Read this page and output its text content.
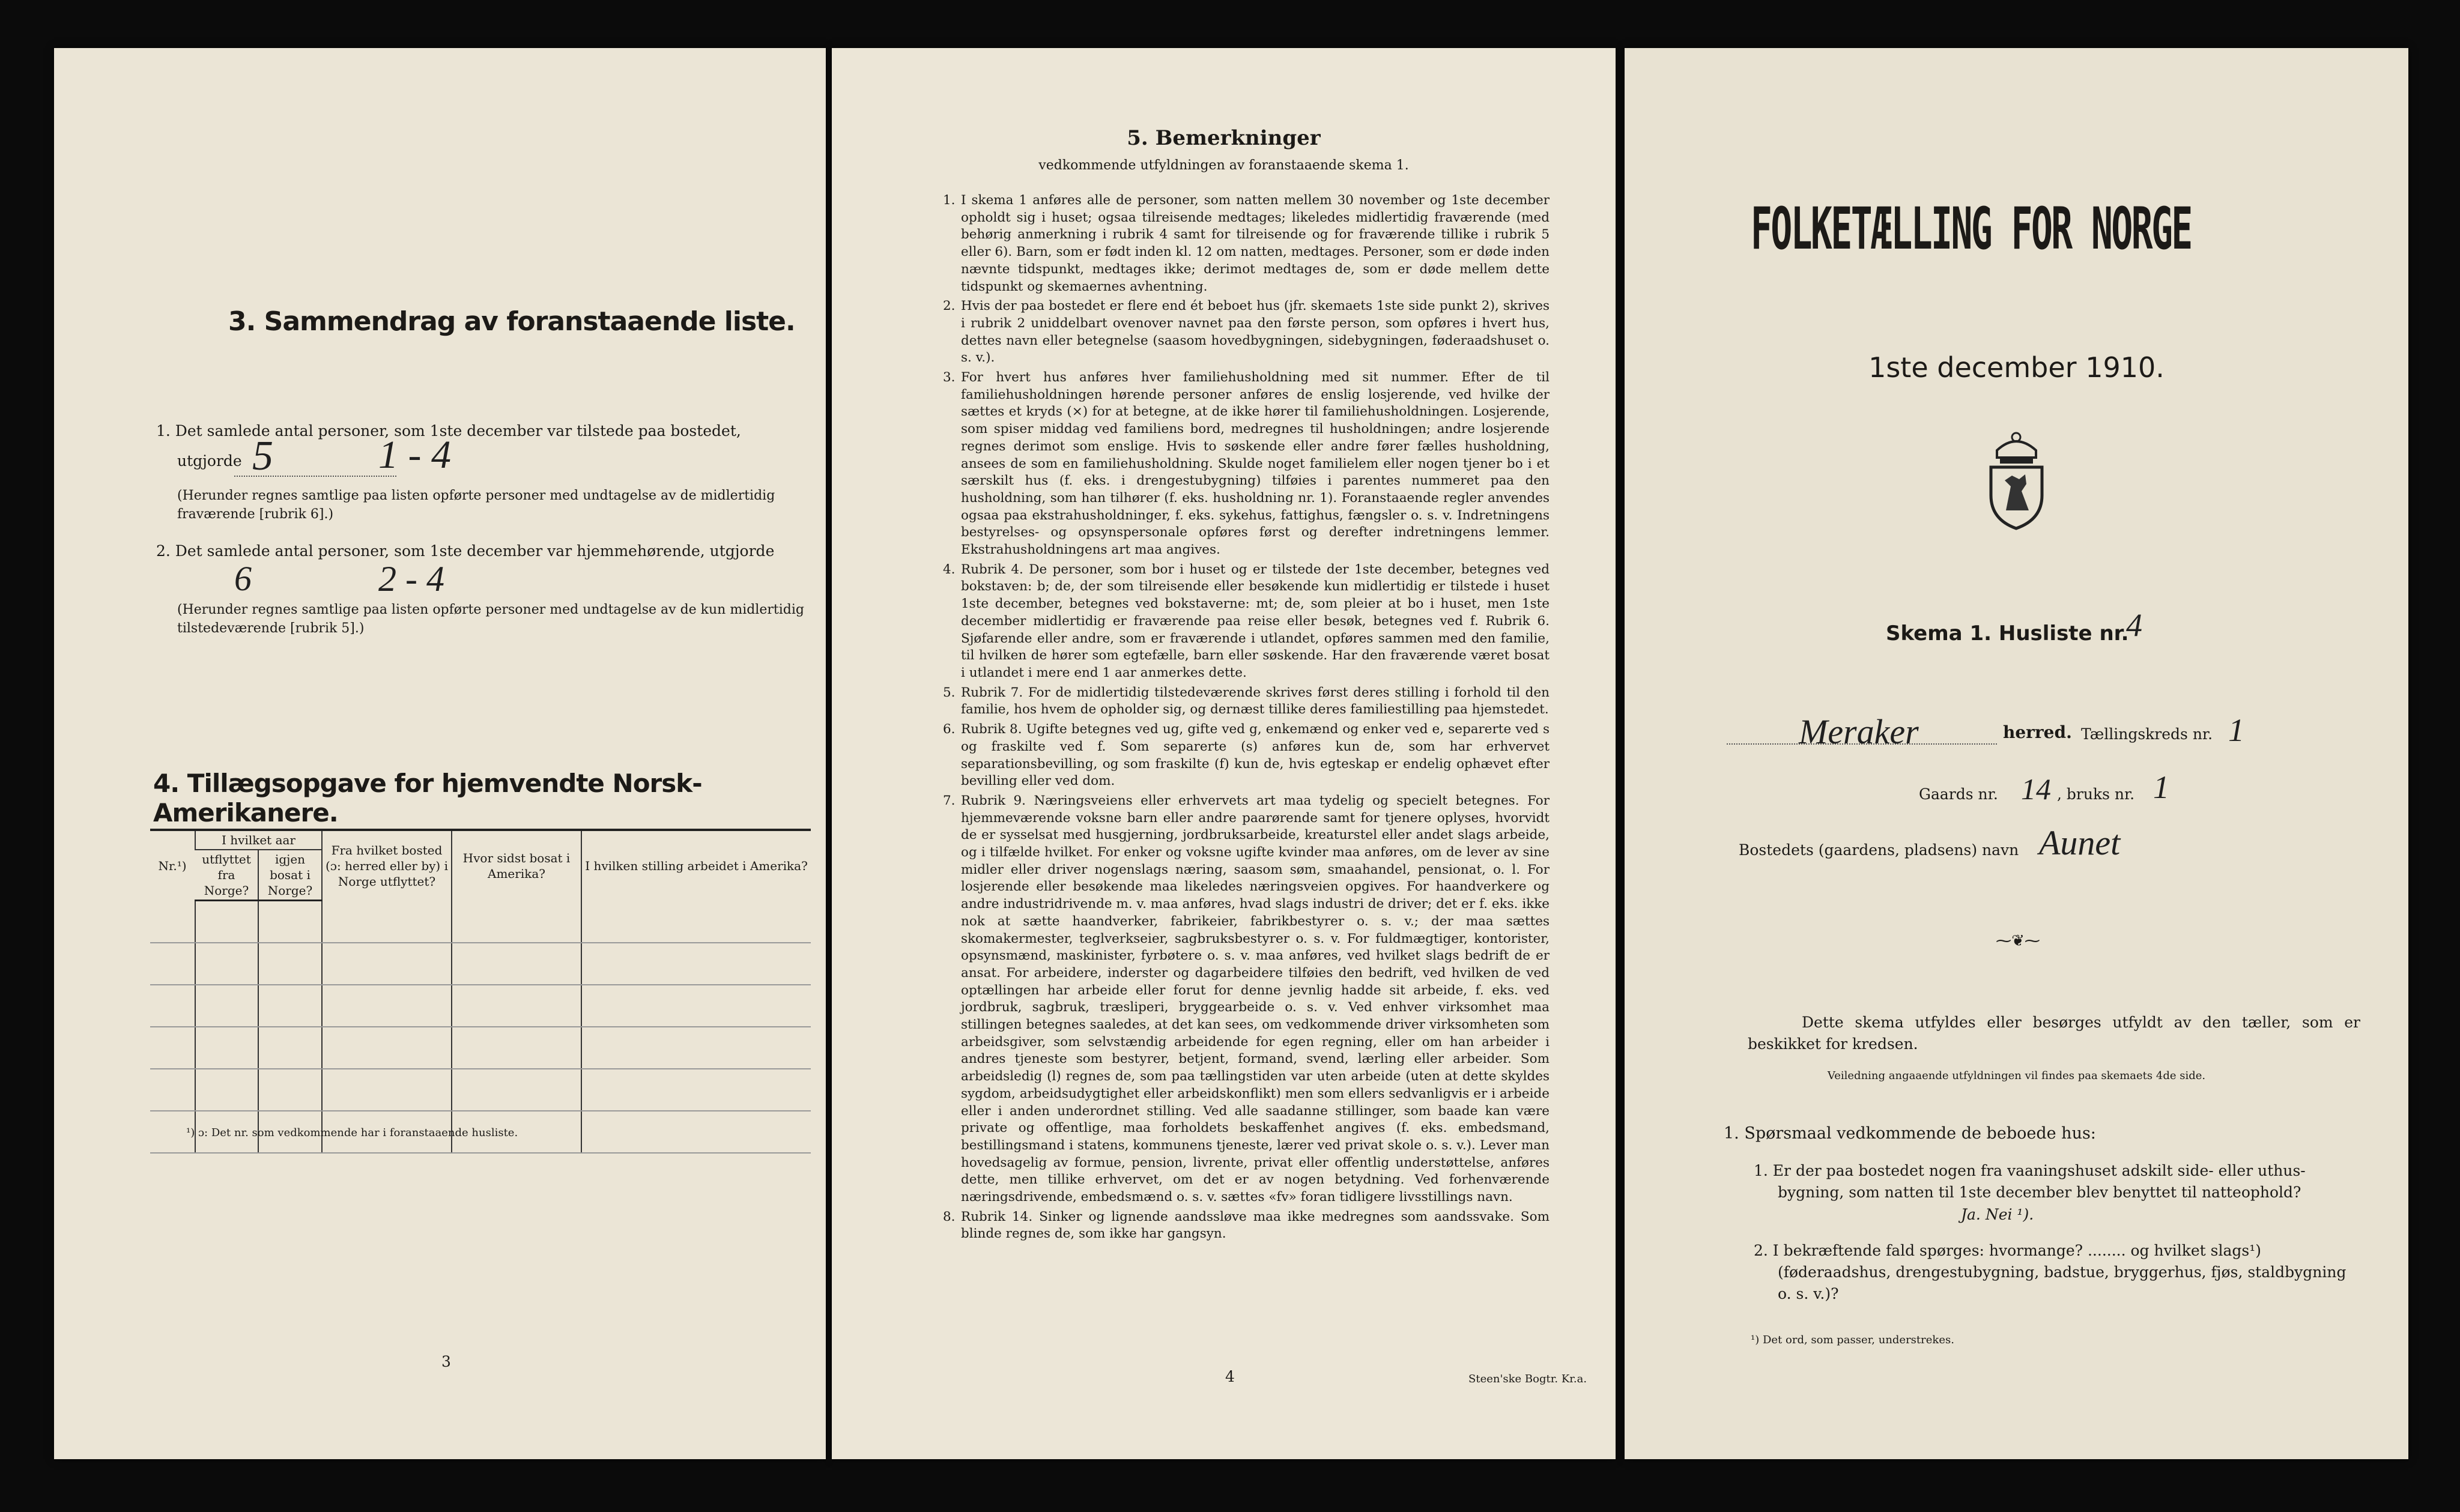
3. Sammendrag av foranstaaende liste.
1. Det samlede antal personer, som 1ste december var tilstede paa bostedet,
utgjorde 5	1 - 4
(Herunder regnes samtlige paa listen opførte personer med undtagelse av de midlertidig fraværende [rubrik 6].)
2. Det samlede antal personer, som 1ste december var hjemmehørende, utgjorde
6	2 - 4
(Herunder regnes samtlige paa listen opførte personer med undtagelse av de kun midlertidig tilstedeværende [rubrik 5].)
4. Tillægsopgave for hjemvendte Norsk-Amerikanere.
Nr.¹)	I hvilket aar		Fra hvilket bosted (ɔ: herred eller by) i Norge utflyttet?	Hvor sidst bosat i Amerika?	I hvilken stilling arbeidet i Amerika?
	utflyttet fra Norge?	igjen bosat i Norge?			

¹) ɔ: Det nr. som vedkommende har i foranstaaende husliste.
3
5. Bemerkninger
vedkommende utfyldningen av foranstaaende skema 1.
1. I skema 1 anføres alle de personer, som natten mellem 30 november og 1ste december opholdt sig i huset; ogsaa tilreisende medtages; likeledes midlertidig fraværende (med behørig anmerkning i rubrik 4 samt for tilreisende og for fraværende tillike i rubrik 5 eller 6). Barn, som er født inden kl. 12 om natten, medtages. Personer, som er døde inden nævnte tidspunkt, medtages ikke; derimot medtages de, som er døde mellem dette tidspunkt og skemaernes avhentning.
2. Hvis der paa bostedet er flere end ét beboet hus (jfr. skemaets 1ste side punkt 2), skrives i rubrik 2 uniddelbart ovenover navnet paa den første person, som opføres i hvert hus, dettes navn eller betegnelse (saasom hovedbygningen, sidebygningen, føderaadshuset o. s. v.).
3. For hvert hus anføres hver familiehusholdning med sit nummer. Efter de til familiehusholdningen hørende personer anføres de enslig losjerende, ved hvilke der sættes et kryds (×) for at betegne, at de ikke hører til familiehusholdningen. Losjerende, som spiser middag ved familiens bord, medregnes til husholdningen; andre losjerende regnes derimot som enslige. Hvis to søskende eller andre fører fælles husholdning, ansees de som en familiehusholdning. Skulde noget familielem eller nogen tjener bo i et særskilt hus (f. eks. i drengestubygning) tilføies i parentes nummeret paa den husholdning, som han tilhører (f. eks. husholdning nr. 1). Foranstaaende regler anvendes ogsaa paa ekstrahusholdninger, f. eks. sykehus, fattighus, fængsler o. s. v. Indretningens bestyrelses- og opsynspersonale opføres først og derefter indretningens lemmer. Ekstrahusholdningens art maa angives.
4. Rubrik 4. De personer, som bor i huset og er tilstede der 1ste december, betegnes ved bokstaven: b; de, der som tilreisende eller besøkende kun midlertidig er tilstede i huset 1ste december, betegnes ved bokstaverne: mt; de, som pleier at bo i huset, men 1ste december midlertidig er fraværende paa reise eller besøk, betegnes ved f. Rubrik 6. Sjøfarende eller andre, som er fraværende i utlandet, opføres sammen med den familie, til hvilken de hører som egtefælle, barn eller søskende. Har den fraværende været bosat i utlandet i mere end 1 aar anmerkes dette.
5. Rubrik 7. For de midlertidig tilstedeværende skrives først deres stilling i forhold til den familie, hos hvem de opholder sig, og dernæst tillike deres familiestilling paa hjemstedet.
6. Rubrik 8. Ugifte betegnes ved ug, gifte ved g, enkemænd og enker ved e, separerte ved s og fraskilte ved f. Som separerte (s) anføres kun de, som har erhvervet separationsbevilling, og som fraskilte (f) kun de, hvis egteskap er endelig ophævet efter bevilling eller ved dom.
7. Rubrik 9. Næringsveiens eller erhvervets art maa tydelig og specielt betegnes. For hjemmeværende voksne barn eller andre paarørende samt for tjenere oplyses, hvorvidt de er sysselsat med husgjerning, jordbruksarbeide, kreaturstel eller andet slags arbeide, og i tilfælde hvilket. For enker og voksne ugifte kvinder maa anføres, om de lever av sine midler eller driver nogenslags næring, saasom søm, smaahandel, pensionat, o. l. For losjerende eller besøkende maa likeledes næringsveien opgives. For haandverkere og andre industridrivende m. v. maa anføres, hvad slags industri de driver; det er f. eks. ikke nok at sætte haandverker, fabrikeier, fabrikbestyrer o. s. v.; der maa sættes skomakermester, teglverkseier, sagbruksbestyrer o. s. v. For fuldmægtiger, kontorister, opsynsmænd, maskinister, fyrbøtere o. s. v. maa anføres, ved hvilket slags bedrift de er ansat. For arbeidere, inderster og dagarbeidere tilføies den bedrift, ved hvilken de ved optællingen har arbeide eller forut for denne jevnlig hadde sit arbeide, f. eks. ved jordbruk, sagbruk, træsliperi, bryggearbeide o. s. v. Ved enhver virksomhet maa stillingen betegnes saaledes, at det kan sees, om vedkommende driver virksomheten som arbeidsgiver, som selvstændig arbeidende for egen regning, eller om han arbeider i andres tjeneste som bestyrer, betjent, formand, svend, lærling eller arbeider. Som arbeidsledig (l) regnes de, som paa tællingstiden var uten arbeide (uten at dette skyldes sygdom, arbeidsudygtighet eller arbeidskonflikt) men som ellers sedvanligvis er i arbeide eller i anden underordnet stilling. Ved alle saadanne stillinger, som baade kan være private og offentlige, maa forholdets beskaffenhet angives (f. eks. embedsmand, bestillingsmand i statens, kommunens tjeneste, lærer ved privat skole o. s. v.). Lever man hovedsagelig av formue, pension, livrente, privat eller offentlig understøttelse, anføres dette, men tillike erhvervet, om det er av nogen betydning. Ved forhenværende næringsdrivende, embedsmænd o. s. v. sættes «fv» foran tidligere livsstillings navn.
8. Rubrik 14. Sinker og lignende aandssløve maa ikke medregnes som aandssvake. Som blinde regnes de, som ikke har gangsyn.
4	Steen'ske Bogtr. Kr.a.
FOLKETÆLLING FOR NORGE
1ste december 1910.
Skema 1. Husliste nr.
4
Meraker	herred. Tællingskreds nr. 1
Gaards nr. 14 , bruks nr. 1
Bostedets (gaardens, pladsens) navn Aunet
⁓❦⁓
Dette skema utfyldes eller besørges utfyldt av den tæller, som er beskikket for kredsen.
Veiledning angaaende utfyldningen vil findes paa skemaets 4de side.
1. Spørsmaal vedkommende de beboede hus:
1. Er der paa bostedet nogen fra vaaningshuset adskilt side- eller uthus-bygning, som natten til 1ste december blev benyttet til natteophold?
Ja. Nei ¹).
2. I bekræftende fald spørges: hvormange? ........ og hvilket slags¹) (føderaadshus, drengestubygning, badstue, bryggerhus, fjøs, staldbygning o. s. v.)?
¹) Det ord, som passer, understrekes.
